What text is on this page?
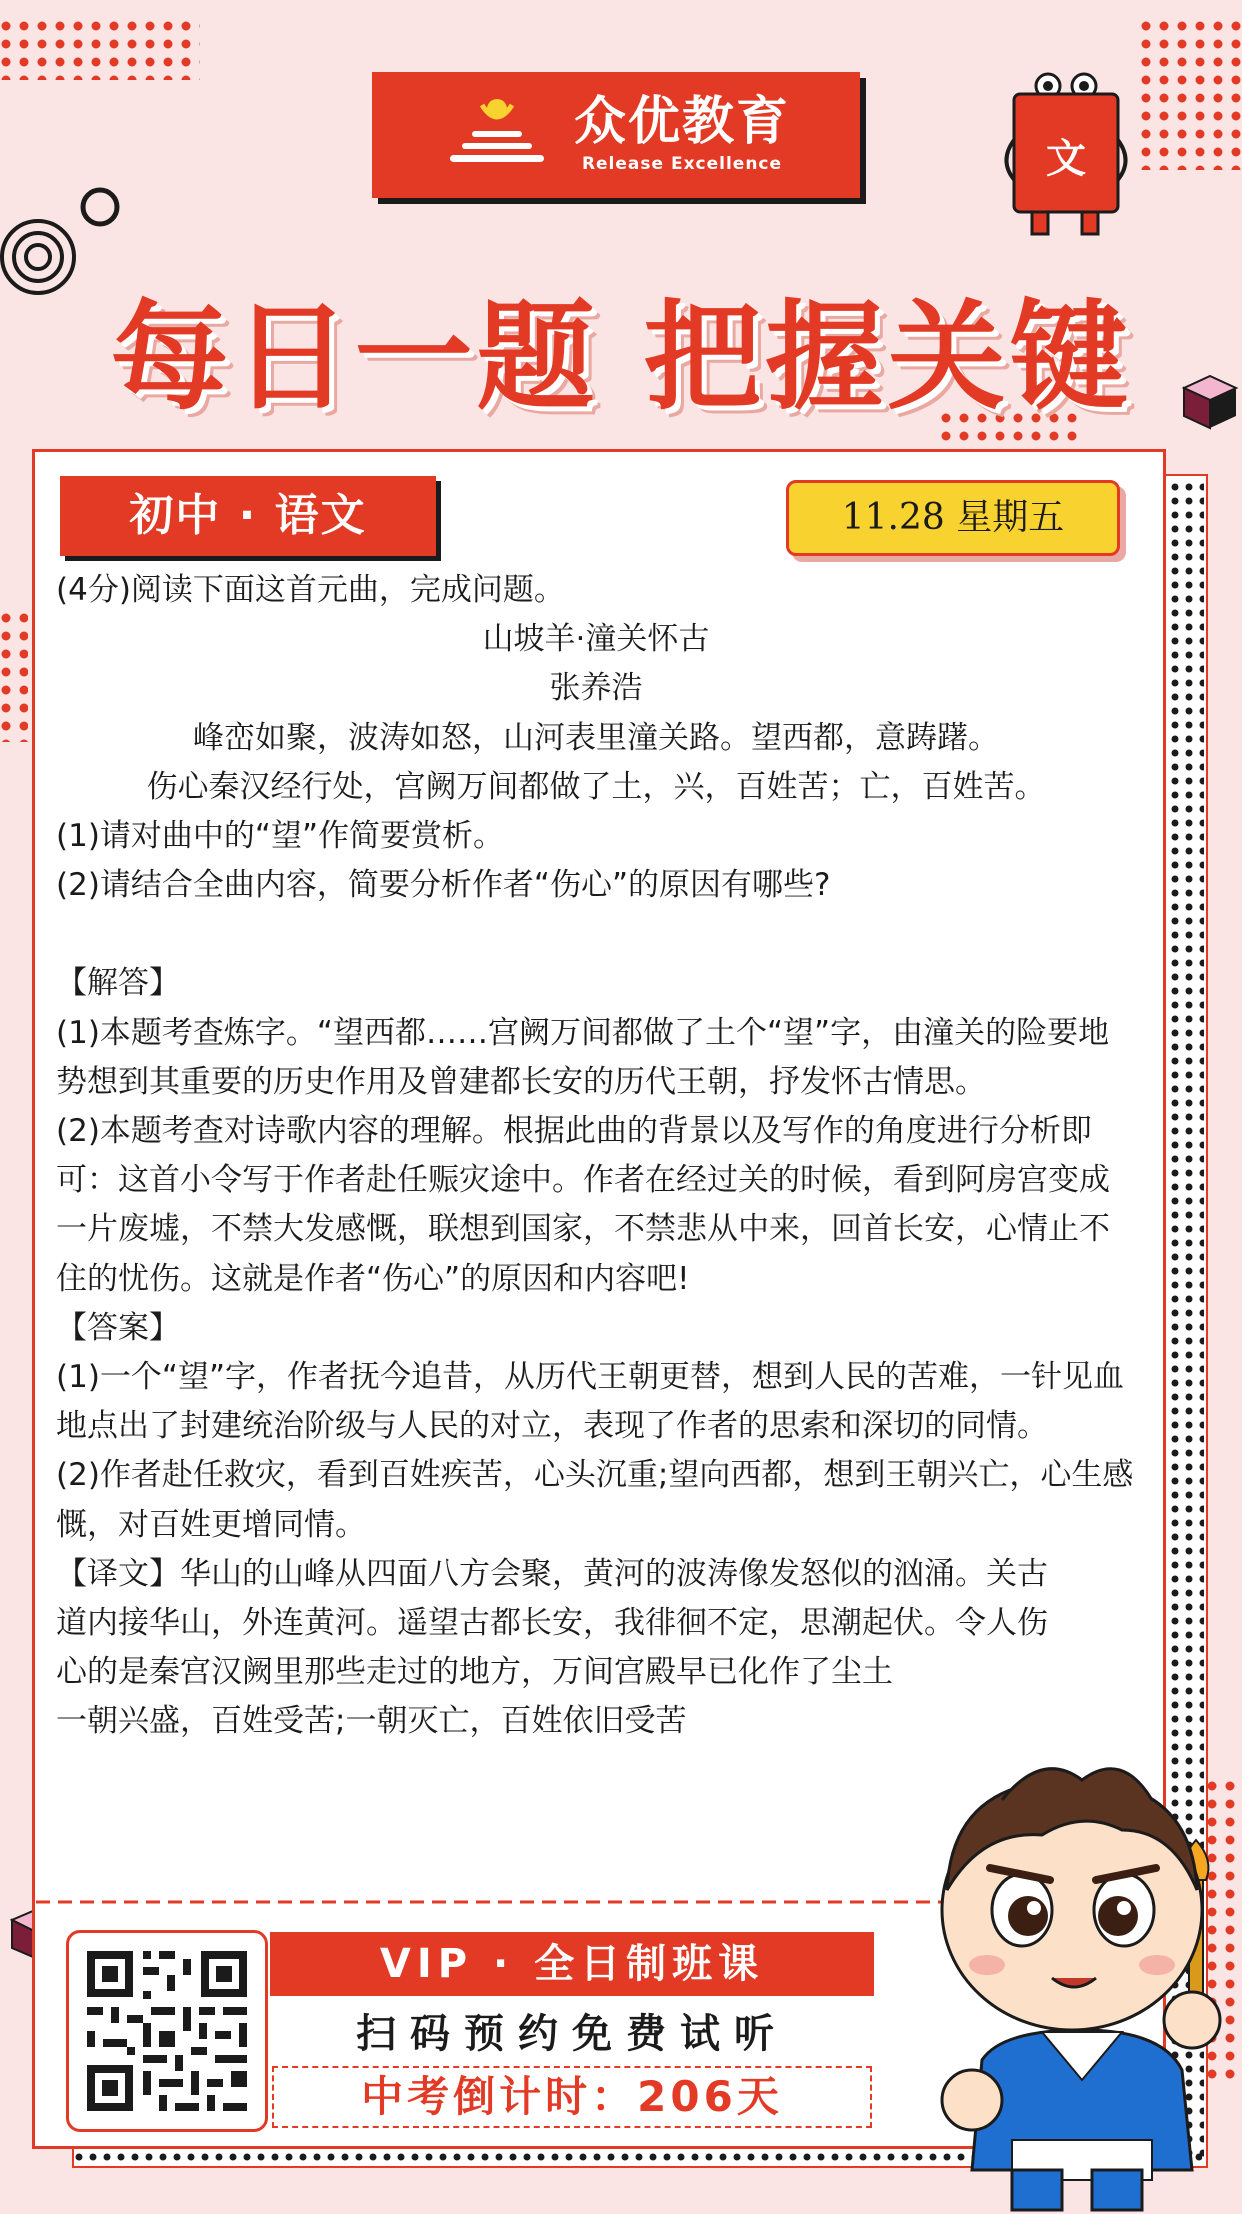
众优教育
Release Excellence	文
每日一题 把握关键
初中 · 语文	11.28 星期五

(4分)阅读下面这首元曲，完成问题。

山坡羊·潼关怀古

张养浩

峰峦如聚，波涛如怒，山河表里潼关路。望西都，意踌躇。

伤心秦汉经行处，宫阙万间都做了土，兴，百姓苦；亡，百姓苦。

(1)请对曲中的“望”作简要赏析。

(2)请结合全曲内容，简要分析作者“伤心”的原因有哪些?

【解答】

(1)本题考查炼字。“望西都……宫阙万间都做了土个“望”字，由潼关的险要地势想到其重要的历史作用及曾建都长安的历代王朝，抒发怀古情思。

(2)本题考查对诗歌内容的理解。根据此曲的背景以及写作的角度进行分析即可：这首小令写于作者赴任赈灾途中。作者在经过关的时候，看到阿房宫变成一片废墟，不禁大发感慨，联想到国家，不禁悲从中来，回首长安，心情止不住的忧伤。这就是作者“伤心”的原因和内容吧!

【答案】

(1)一个“望”字，作者抚今追昔，从历代王朝更替，想到人民的苦难，一针见血地点出了封建统治阶级与人民的对立，表现了作者的思索和深切的同情。

(2)作者赴任救灾，看到百姓疾苦，心头沉重;望向西都，想到王朝兴亡，心生感慨，对百姓更增同情。

【译文】华山的山峰从四面八方会聚，黄河的波涛像发怒似的汹涌。关古道内接华山，外连黄河。遥望古都长安，我徘徊不定，思潮起伏。令人伤心的是秦宫汉阙里那些走过的地方，万间宫殿早已化作了尘土

一朝兴盛，百姓受苦;一朝灭亡，百姓依旧受苦

VIP · 全日制班课
扫码预约免费试听
中考倒计时：206天
